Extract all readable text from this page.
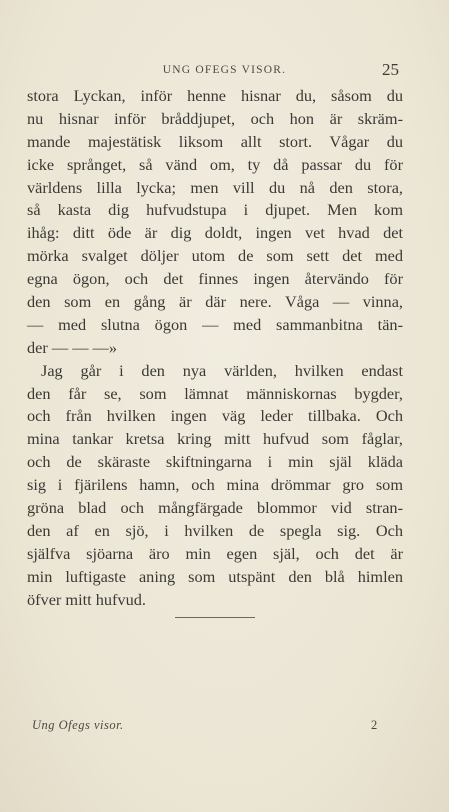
UNG OFEGS VISOR.	25
stora Lyckan, inför henne hisnar du, såsom du
nu hisnar inför bråddjupet, och hon är skräm-
mande majestätisk liksom allt stort. Vågar du
icke språnget, så vänd om, ty då passar du för
världens lilla lycka; men vill du nå den stora,
så kasta dig hufvudstupa i djupet. Men kom
ihåg: ditt öde är dig doldt, ingen vet hvad det
mörka svalget döljer utom de som sett det med
egna ögon, och det finnes ingen återvändo för
den som en gång är där nere. Våga — vinna,
— med slutna ögon — med sammanbitna tän-
der — — —»
Jag går i den nya världen, hvilken endast
den får se, som lämnat människornas bygder,
och från hvilken ingen väg leder tillbaka. Och
mina tankar kretsa kring mitt hufvud som fåglar,
och de skäraste skiftningarna i min själ kläda
sig i fjärilens hamn, och mina drömmar gro som
gröna blad och mångfärgade blommor vid stran-
den af en sjö, i hvilken de spegla sig. Och
själfva sjöarna äro min egen själ, och det är
min luftigaste aning som utspänt den blå himlen
öfver mitt hufvud.
Ung Ofegs visor.	2
